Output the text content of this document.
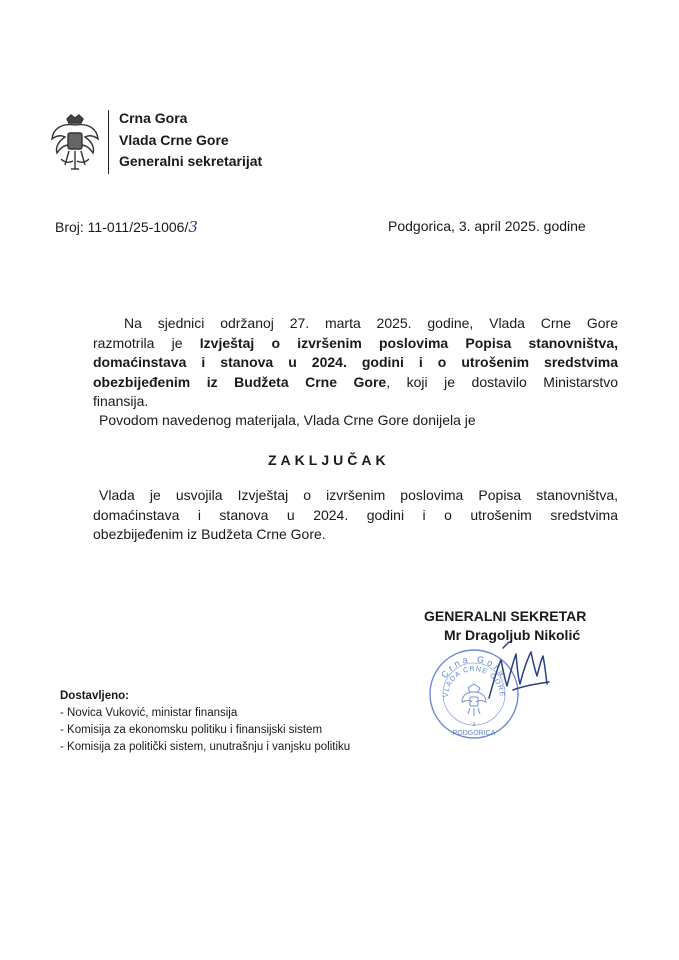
Crna Gora
Vlada Crne Gore
Generalni sekretarijat
Broj: 11-011/25-1006/3	Podgorica, 3. april 2025. godine
Na sjednici održanoj 27. marta 2025. godine, Vlada Crne Gore
razmotrila je Izvještaj o izvršenim poslovima Popisa stanovništva,
domaćinstava i stanova u 2024. godini i o utrošenim sredstvima
obezbijeđenim iz Budžeta Crne Gore, koji je dostavilo Ministarstvo
finansija.
Povodom navedenog materijala, Vlada Crne Gore donijela je
ZAKLJUČAK
Vlada je usvojila Izvještaj o izvršenim poslovima Popisa stanovništva,
domaćinstava i stanova u 2024. godini i o utrošenim sredstvima
obezbijeđenim iz Budžeta Crne Gore.
GENERALNI SEKRETAR
Mr Dragoljub Nikolić
Crna Gora
VLADA CRNE GORE
1
PODGORICA
Dostavljeno:
- Novica Vuković, ministar finansija
- Komisija za ekonomsku politiku i finansijski sistem
- Komisija za politički sistem, unutrašnju i vanjsku politiku
